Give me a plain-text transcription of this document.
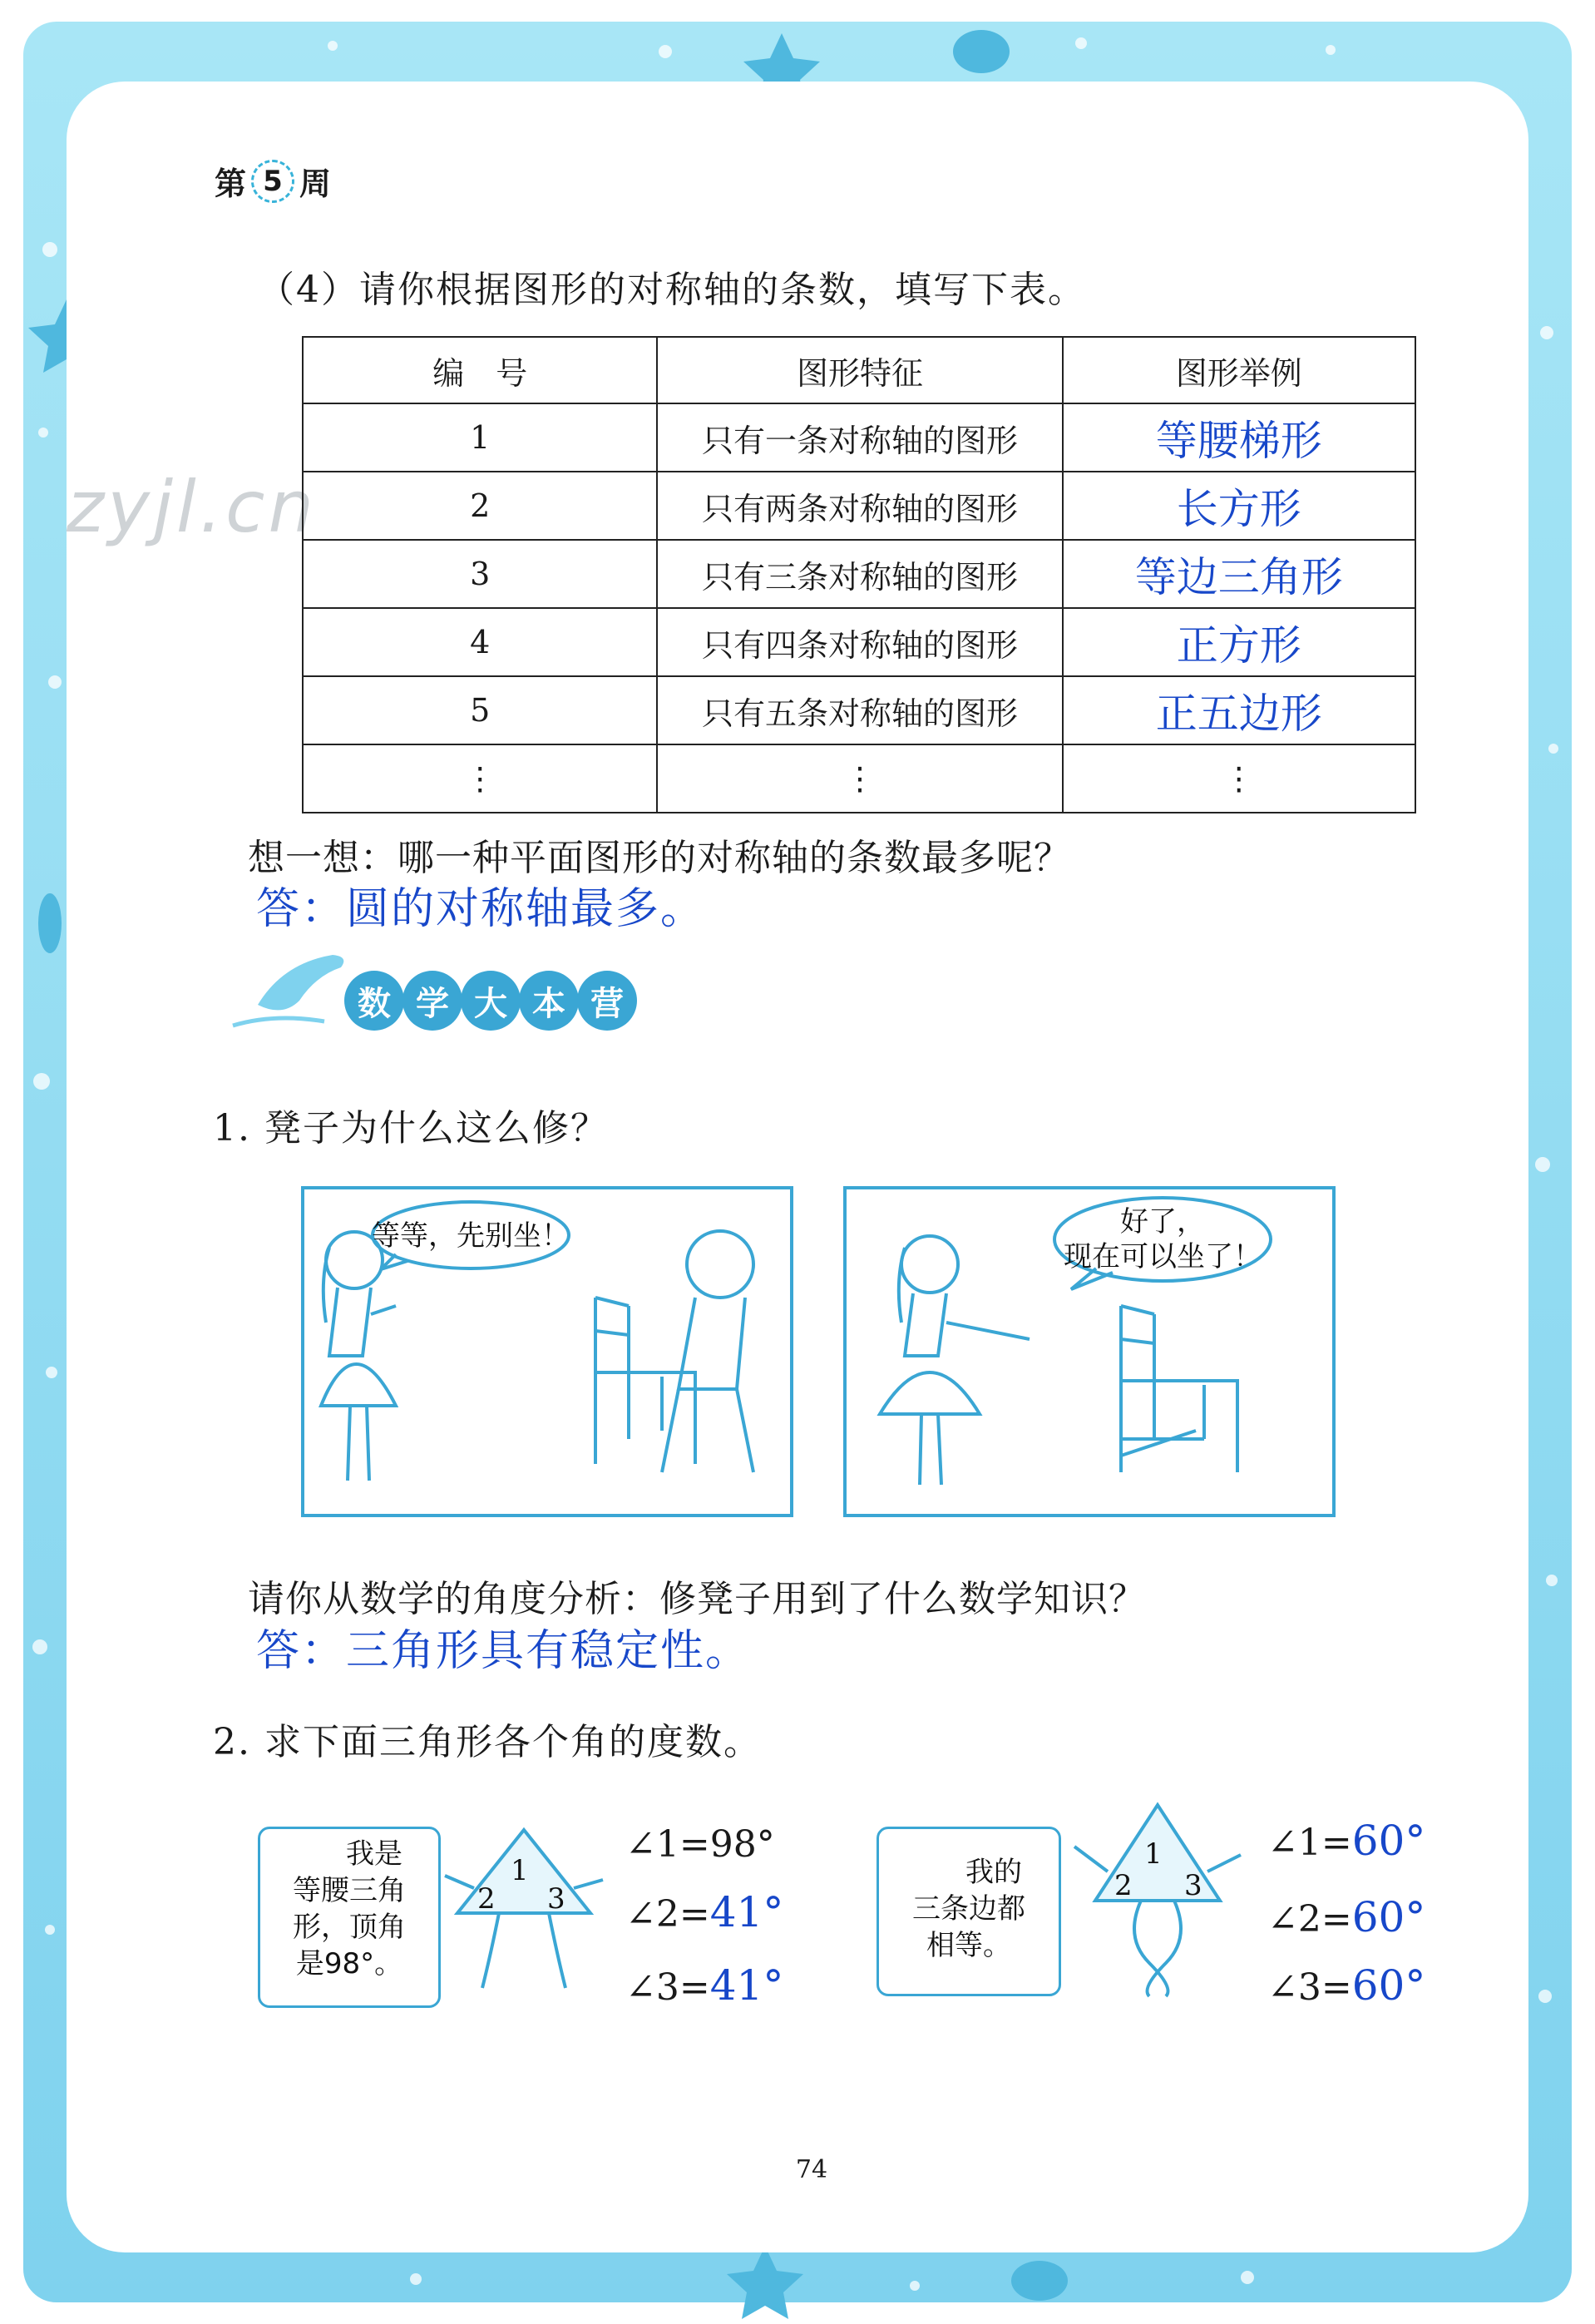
zyjl.cn
第 5 周
（4）请你根据图形的对称轴的条数，填写下表。
编　号	图形特征	图形举例
1	只有一条对称轴的图形	等腰梯形
2	只有两条对称轴的图形	长方形
3	只有三条对称轴的图形	等边三角形
4	只有四条对称轴的图形	正方形
5	只有五条对称轴的图形	正五边形
⋮	⋮	⋮
想一想：哪一种平面图形的对称轴的条数最多呢？
答：圆的对称轴最多。
数 学 大 本 营
1. 凳子为什么这么修？
等等，先别坐！	好了，
现在可以坐了！
请你从数学的角度分析：修凳子用到了什么数学知识？
答：三角形具有稳定性。
2. 求下面三角形各个角的度数。
我是
等腰三角
形，顶角
是98°。
1
2 3
∠1=98°
∠2=41°
∠3=41°
我的
三条边都
相等。
1
2 3
∠1=60°
∠2=60°
∠3=60°
74
